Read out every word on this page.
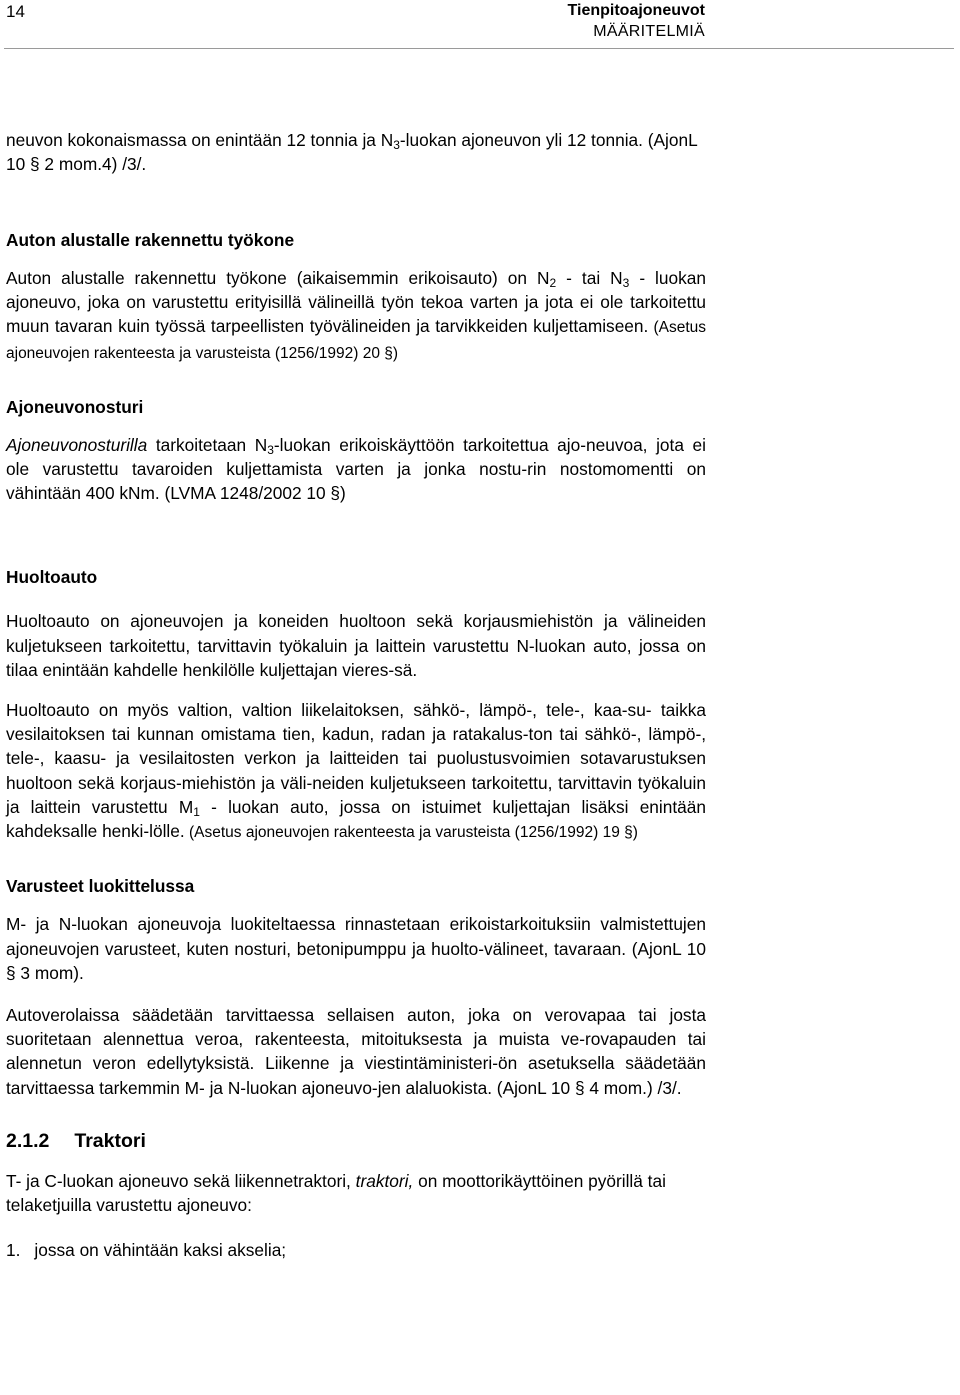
14	Tienpitoajoneuvot
MÄÄRITELMIÄ

neuvon kokonaismassa on enintään 12 tonnia ja $N_3$-luokan ajoneuvon yli 12 tonnia. (AjonL 10 § 2 mom.4) /3/.

Auton alustalle rakennettu työkone

Auton alustalle rakennettu työkone (aikaisemmin erikoisauto) on $N_2$ - tai $N_3$ - luokan ajoneuvo, joka on varustettu erityisillä välineillä työn tekoa varten ja jota ei ole tarkoitettu muun tavaran kuin työssä tarpeellisten työvälineiden ja tarvikkeiden kuljettamiseen. (Asetus ajoneuvojen rakenteesta ja varusteista (1256/1992) 20 §)

Ajoneuvonosturi

Ajoneuvonosturilla tarkoitetaan $N_3$-luokan erikoiskäyttöön tarkoitettua ajo-neuvoa, jota ei ole varustettu tavaroiden kuljettamista varten ja jonka nostu-rin nostomomentti on vähintään 400 kNm. (LVMA 1248/2002 10 §)

Huoltoauto

Huoltoauto on ajoneuvojen ja koneiden huoltoon sekä korjausmiehistön ja välineiden kuljetukseen tarkoitettu, tarvittavin työkaluin ja laittein varustettu N-luokan auto, jossa on tilaa enintään kahdelle henkilölle kuljettajan vieres-sä.

Huoltoauto on myös valtion, valtion liikelaitoksen, sähkö-, lämpö-, tele-, kaa-su- taikka vesilaitoksen tai kunnan omistama tien, kadun, radan ja ratakalus-ton tai sähkö-, lämpö-, tele-, kaasu- ja vesilaitosten verkon ja laitteiden tai puolustusvoimien sotavarustuksen huoltoon sekä korjaus-miehistön ja väli-neiden kuljetukseen tarkoitettu, tarvittavin työkaluin ja laittein varustettu $M_1$ - luokan auto, jossa on istuimet kuljettajan lisäksi enintään kahdeksalle henki-lölle. (Asetus ajoneuvojen rakenteesta ja varusteista (1256/1992) 19 §)

Varusteet luokittelussa

M- ja N-luokan ajoneuvoja luokiteltaessa rinnastetaan erikoistarkoituksiin valmistettujen ajoneuvojen varusteet, kuten nosturi, betonipumppu ja huolto-välineet, tavaraan. (AjonL 10 § 3 mom).

Autoverolaissa säädetään tarvittaessa sellaisen auton, joka on verovapaa tai josta suoritetaan alennettua veroa, rakenteesta, mitoituksesta ja muista ve-rovapauden tai alennetun veron edellytyksistä. Liikenne ja viestintäministeri-ön asetuksella säädetään tarvittaessa tarkemmin M- ja N-luokan ajoneuvo-jen alaluokista. (AjonL 10 § 4 mom.) /3/.

2.1.2 Traktori

T- ja C-luokan ajoneuvo sekä liikennetraktori, traktori, on moottorikäyttöinen pyörillä tai telaketjuilla varustettu ajoneuvo:

1. jossa on vähintään kaksi akselia;
